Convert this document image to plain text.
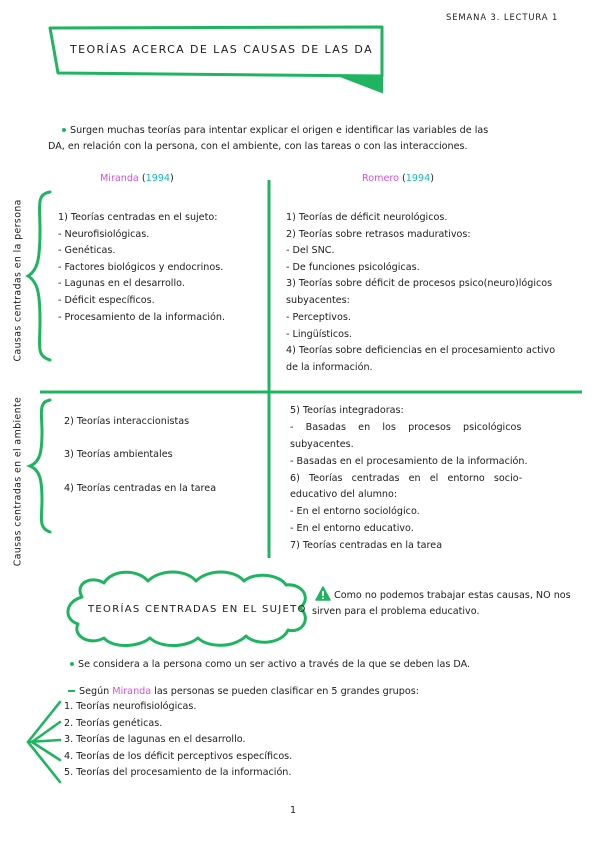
SEMANA 3. LECTURA 1
TEORÍAS ACERCA DE LAS CAUSAS DE LAS DA
Surgen muchas teorías para intentar explicar el origen e identificar las variables de las
DA, en relación con la persona, con el ambiente, con las tareas o con las interacciones.
Miranda (1994)	Romero (1994)
Causas centradas en la persona
Causas centradas en el ambiente
1) Teorías centradas en el sujeto:
- Neurofisiológicas.
- Genéticas.
- Factores biológicos y endocrinos.
- Lagunas en el desarrollo.
- Déficit específicos.
- Procesamiento de la información.
1) Teorías de déficit neurológicos.
2) Teorías sobre retrasos madurativos:
- Del SNC.
- De funciones psicológicas.
3) Teorías sobre déficit de procesos psico(neuro)lógicos
subyacentes:
- Perceptivos.
- Lingüísticos.
4) Teorías sobre deficiencias en el procesamiento activo
de la información.
2) Teorías interaccionistas
3) Teorías ambientales
4) Teorías centradas en la tarea
5) Teorías integradoras:
-    Basadas    en    los    procesos    psicológicos
subyacentes.
- Basadas en el procesamiento de la información.
6)   Teorías   centradas   en   el   entorno   socio-
educativo del alumno:
- En el entorno sociológico.
- En el entorno educativo.
7) Teorías centradas en la tarea
TEORÍAS CENTRADAS EN EL SUJETO
Como no podemos trabajar estas causas, NO nos
sirven para el problema educativo.
Se considera a la persona como un ser activo a través de la que se deben las DA.
Según Miranda las personas se pueden clasificar en 5 grandes grupos:
1. Teorías neurofisiológicas.
2. Teorías genéticas.
3. Teorías de lagunas en el desarrollo.
4. Teorías de los déficit perceptivos específicos.
5. Teorías del procesamiento de la información.
1
